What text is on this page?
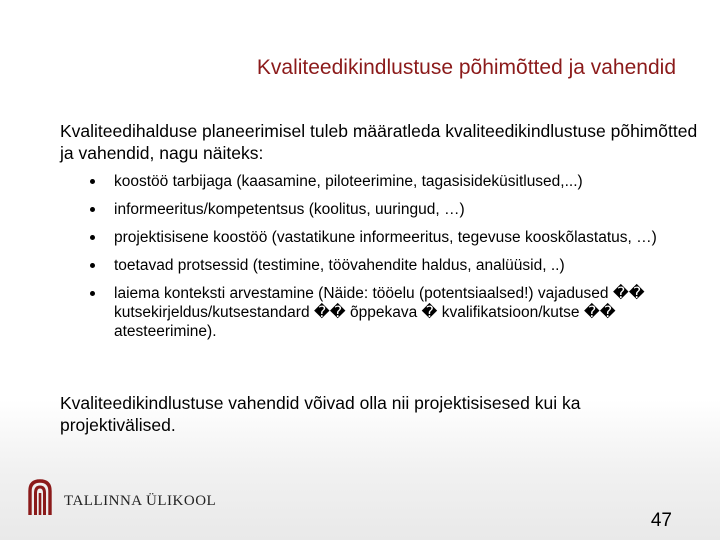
Kvaliteedikindlustuse põhimõtted ja vahendid

Kvaliteedihalduse planeerimisel tuleb määratleda kvaliteedikindlustuse põhimõtted ja vahendid, nagu näiteks:

koostöö tarbijaga (kaasamine, piloteerimine, tagasisideküsitlused,...)
informeeritus/kompetentsus (koolitus, uuringud, …)
projektisisene koostöö (vastatikune informeeritus, tegevuse kooskõlastatus, …)
toetavad protsessid (testimine, töövahendite haldus, analüüsid, ..)
laiema konteksti arvestamine (Näide: tööelu (potentsiaalsed!) vajadused �� kutsekirjeldus/kutsestandard �� õppekava � kvalifikatsioon/kutse �� atesteerimine).

Kvaliteedikindlustuse vahendid võivad olla nii projektisisesed kui ka projektivälised.

TALLINNA ÜLIKOOL
47
